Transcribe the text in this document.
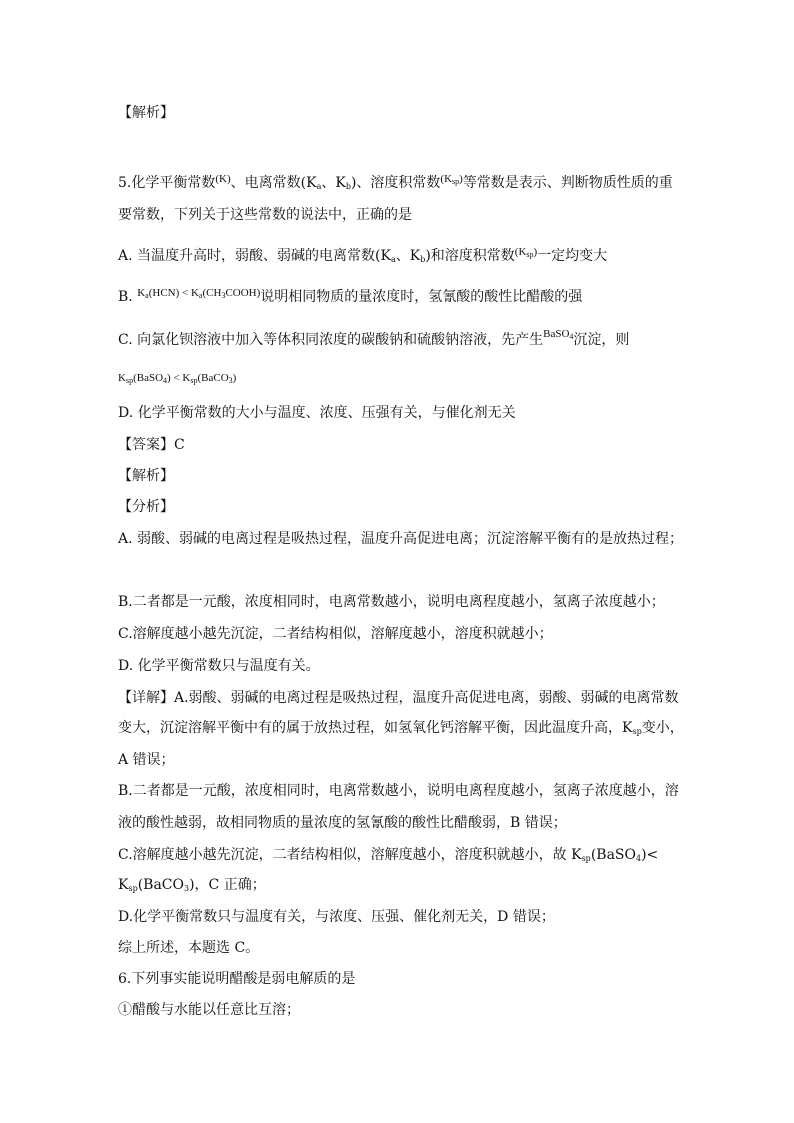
【解析】
5.化学平衡常数$^{(K)}$、电离常数($K_a$、$K_b$)、溶度积常数$^{(K_{sp})}$等常数是表示、判断物质性质的重
要常数，下列关于这些常数的说法中，正确的是
A. 当温度升高时，弱酸、弱碱的电离常数($K_a$、$K_b$)和溶度积常数$^{(K_{sp})}$一定均变大
B. $^{K_a(HCN) < K_a(CH_3COOH)}$说明相同物质的量浓度时，氢氰酸的酸性比醋酸的强
C. 向氯化钡溶液中加入等体积同浓度的碳酸钠和硫酸钠溶液，先产生$^{BaSO_4}$沉淀，则
$K_{sp}(BaSO_4)$ < $K_{sp}(BaCO_3)$
D. 化学平衡常数的大小与温度、浓度、压强有关，与催化剂无关
【答案】C
【解析】
【分析】
A. 弱酸、弱碱的电离过程是吸热过程，温度升高促进电离；沉淀溶解平衡有的是放热过程；
B.二者都是一元酸，浓度相同时，电离常数越小，说明电离程度越小，氢离子浓度越小；
C.溶解度越小越先沉淀，二者结构相似，溶解度越小，溶度积就越小；
D. 化学平衡常数只与温度有关。
【详解】A.弱酸、弱碱的电离过程是吸热过程，温度升高促进电离，弱酸、弱碱的电离常数
变大，沉淀溶解平衡中有的属于放热过程，如氢氧化钙溶解平衡，因此温度升高，$K_{sp}$变小，
A 错误；
B.二者都是一元酸，浓度相同时，电离常数越小，说明电离程度越小，氢离子浓度越小，溶
液的酸性越弱，故相同物质的量浓度的氢氰酸的酸性比醋酸弱，B 错误；
C.溶解度越小越先沉淀，二者结构相似，溶解度越小，溶度积就越小，故 $K_{sp}(BaSO_4)<$
$K_{sp}(BaCO_3)$，C 正确；
D.化学平衡常数只与温度有关，与浓度、压强、催化剂无关，D 错误；
综上所述，本题选 C。
6.下列事实能说明醋酸是弱电解质的是
①醋酸与水能以任意比互溶；
